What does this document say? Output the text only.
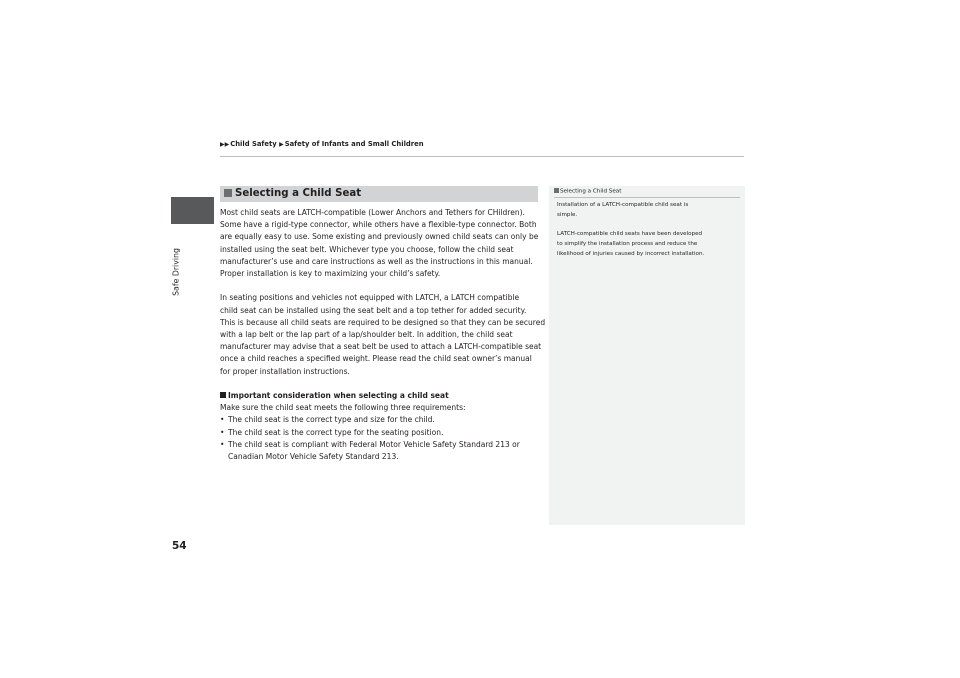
Safe Driving
54
▶▶Child Safety ▶Safety of Infants and Small Children
Selecting a Child Seat
Most child seats are LATCH-compatible (Lower Anchors and Tethers for CHildren).
Some have a rigid-type connector, while others have a flexible-type connector. Both
are equally easy to use. Some existing and previously owned child seats can only be
installed using the seat belt. Whichever type you choose, follow the child seat
manufacturer’s use and care instructions as well as the instructions in this manual.
Proper installation is key to maximizing your child’s safety.
In seating positions and vehicles not equipped with LATCH, a LATCH compatible
child seat can be installed using the seat belt and a top tether for added security.
This is because all child seats are required to be designed so that they can be secured
with a lap belt or the lap part of a lap/shoulder belt. In addition, the child seat
manufacturer may advise that a seat belt be used to attach a LATCH-compatible seat
once a child reaches a specified weight. Please read the child seat owner’s manual
for proper installation instructions.
Important consideration when selecting a child seat
Make sure the child seat meets the following three requirements:
• The child seat is the correct type and size for the child.
• The child seat is the correct type for the seating position.
• The child seat is compliant with Federal Motor Vehicle Safety Standard 213 or
Canadian Motor Vehicle Safety Standard 213.
Selecting a Child Seat

Installation of a LATCH-compatible child seat is
simple.

LATCH-compatible child seats have been developed
to simplify the installation process and reduce the
likelihood of injuries caused by incorrect installation.
